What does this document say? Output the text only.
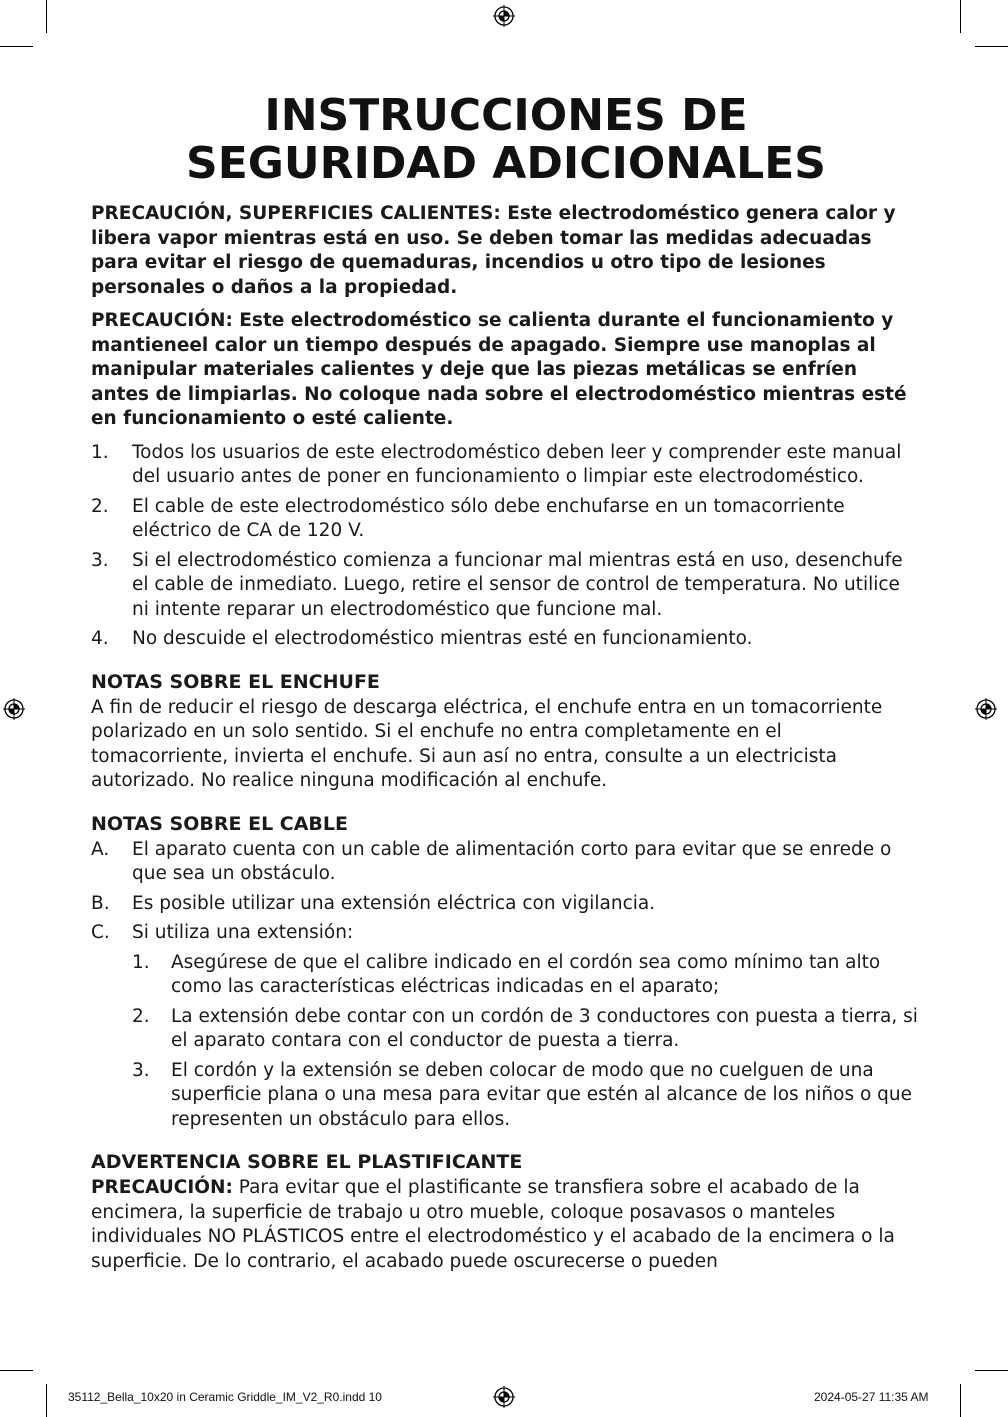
INSTRUCCIONES DE
SEGURIDAD ADICIONALES

PRECAUCIÓN, SUPERFICIES CALIENTES: Este electrodoméstico genera calor y libera vapor mientras está en uso. Se deben tomar las medidas adecuadas para evitar el riesgo de quemaduras, incendios u otro tipo de lesiones personales o daños a la propiedad.

PRECAUCIÓN: Este electrodoméstico se calienta durante el funcionamiento y mantieneel calor un tiempo después de apagado. Siempre use manoplas al manipular materiales calientes y deje que las piezas metálicas se enfríen antes de limpiarlas. No coloque nada sobre el electrodoméstico mientras esté en funcionamiento o esté caliente.

1.	Todos los usuarios de este electrodoméstico deben leer y comprender este manual del usuario antes de poner en funcionamiento o limpiar este electrodoméstico.
2.	El cable de este electrodoméstico sólo debe enchufarse en un tomacorriente eléctrico de CA de 120 V.
3.	Si el electrodoméstico comienza a funcionar mal mientras está en uso, desenchufe el cable de inmediato. Luego, retire el sensor de control de temperatura. No utilice ni intente reparar un electrodoméstico que funcione mal.
4.	No descuide el electrodoméstico mientras esté en funcionamiento.
NOTAS SOBRE EL ENCHUFE

A fin de reducir el riesgo de descarga eléctrica, el enchufe entra en un tomacorriente polarizado en un solo sentido. Si el enchufe no entra completamente en el tomacorriente, invierta el enchufe. Si aun así no entra, consulte a un electricista autorizado. No realice ninguna modificación al enchufe.

NOTAS SOBRE EL CABLE
A.	El aparato cuenta con un cable de alimentación corto para evitar que se enrede o que sea un obstáculo.
B.	Es posible utilizar una extensión eléctrica con vigilancia.
C.	Si utiliza una extensión:
1.	Asegúrese de que el calibre indicado en el cordón sea como mínimo tan alto como las características eléctricas indicadas en el aparato;
2.	La extensión debe contar con un cordón de 3 conductores con puesta a tierra, si el aparato contara con el conductor de puesta a tierra.
3.	El cordón y la extensión se deben colocar de modo que no cuelguen de una superficie plana o una mesa para evitar que estén al alcance de los niños o que representen un obstáculo para ellos.
ADVERTENCIA SOBRE EL PLASTIFICANTE

PRECAUCIÓN: Para evitar que el plastificante se transfiera sobre el acabado de la encimera, la superficie de trabajo u otro mueble, coloque posavasos o manteles individuales NO PLÁSTICOS entre el electrodoméstico y el acabado de la encimera o la superficie. De lo contrario, el acabado puede oscurecerse o pueden

35112_Bella_10x20 in Ceramic Griddle_IM_V2_R0.indd 10	2024-05-27 11:35 AM
